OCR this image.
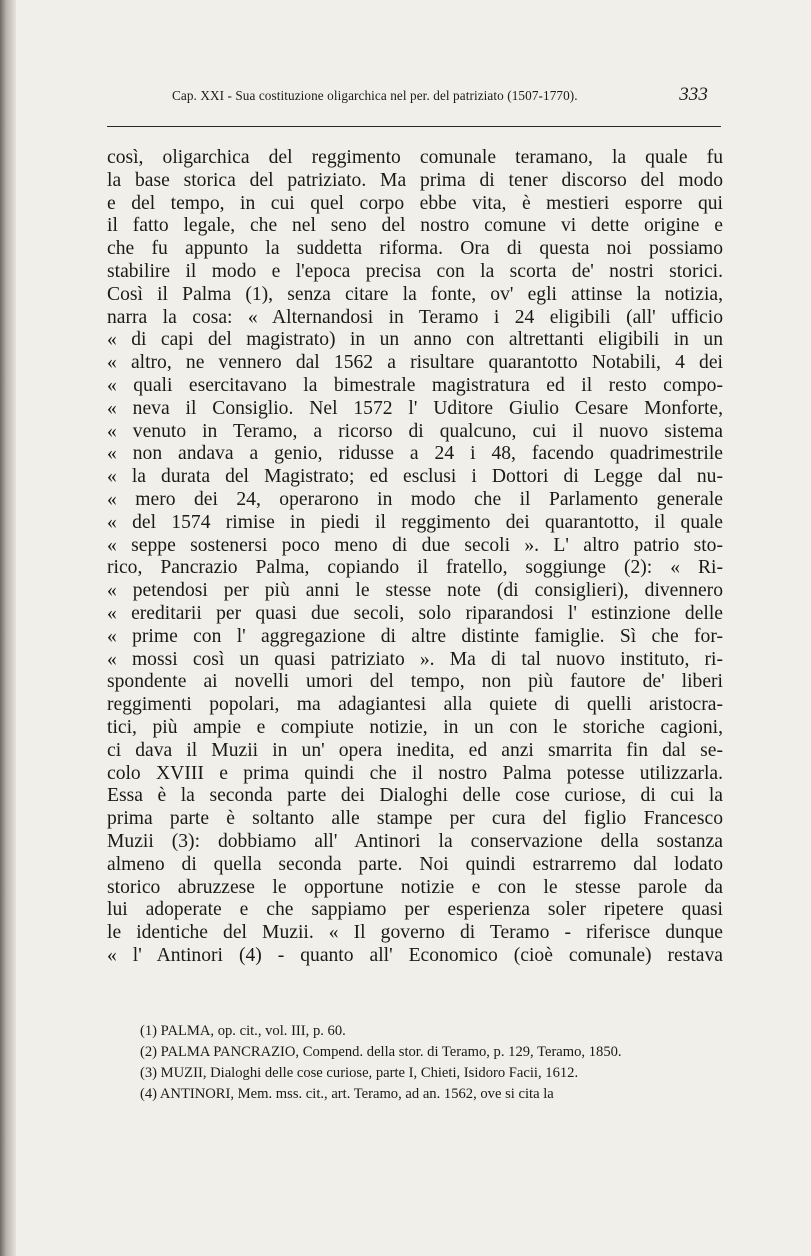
Cap. XXI - Sua costituzione oligarchica nel per. del patriziato (1507-1770).	333
così, oligarchica del reggimento comunale teramano, la quale fu
la base storica del patriziato. Ma prima di tener discorso del modo
e del tempo, in cui quel corpo ebbe vita, è mestieri esporre qui
il fatto legale, che nel seno del nostro comune vi dette origine e
che fu appunto la suddetta riforma. Ora di questa noi possiamo
stabilire il modo e l'epoca precisa con la scorta de' nostri storici.
Così il Palma (1), senza citare la fonte, ov' egli attinse la notizia,
narra la cosa: « Alternandosi in Teramo i 24 eligibili (all' ufficio
« di capi del magistrato) in un anno con altrettanti eligibili in un
« altro, ne vennero dal 1562 a risultare quarantotto Notabili, 4 dei
« quali esercitavano la bimestrale magistratura ed il resto compo-
« neva il Consiglio. Nel 1572 l' Uditore Giulio Cesare Monforte,
« venuto in Teramo, a ricorso di qualcuno, cui il nuovo sistema
« non andava a genio, ridusse a 24 i 48, facendo quadrimestrile
« la durata del Magistrato; ed esclusi i Dottori di Legge dal nu-
« mero dei 24, operarono in modo che il Parlamento generale
« del 1574 rimise in piedi il reggimento dei quarantotto, il quale
« seppe sostenersi poco meno di due secoli ». L' altro patrio sto-
rico, Pancrazio Palma, copiando il fratello, soggiunge (2): « Ri-
« petendosi per più anni le stesse note (di consiglieri), divennero
« ereditarii per quasi due secoli, solo riparandosi l' estinzione delle
« prime con l' aggregazione di altre distinte famiglie. Sì che for-
« mossi così un quasi patriziato ». Ma di tal nuovo instituto, ri-
spondente ai novelli umori del tempo, non più fautore de' liberi
reggimenti popolari, ma adagiantesi alla quiete di quelli aristocra-
tici, più ampie e compiute notizie, in un con le storiche cagioni,
ci dava il Muzii in un' opera inedita, ed anzi smarrita fin dal se-
colo XVIII e prima quindi che il nostro Palma potesse utilizzarla.
Essa è la seconda parte dei Dialoghi delle cose curiose, di cui la
prima parte è soltanto alle stampe per cura del figlio Francesco
Muzii (3): dobbiamo all' Antinori la conservazione della sostanza
almeno di quella seconda parte. Noi quindi estrarremo dal lodato
storico abruzzese le opportune notizie e con le stesse parole da
lui adoperate e che sappiamo per esperienza soler ripetere quasi
le identiche del Muzii. « Il governo di Teramo - riferisce dunque
« l' Antinori (4) - quanto all' Economico (cioè comunale) restava
(1) PALMA, op. cit., vol. III, p. 60.
(2) PALMA PANCRAZIO, Compend. della stor. di Teramo, p. 129, Teramo, 1850.
(3) MUZII, Dialoghi delle cose curiose, parte I, Chieti, Isidoro Facii, 1612.
(4) ANTINORI, Mem. mss. cit., art. Teramo, ad an. 1562, ove si cita la
